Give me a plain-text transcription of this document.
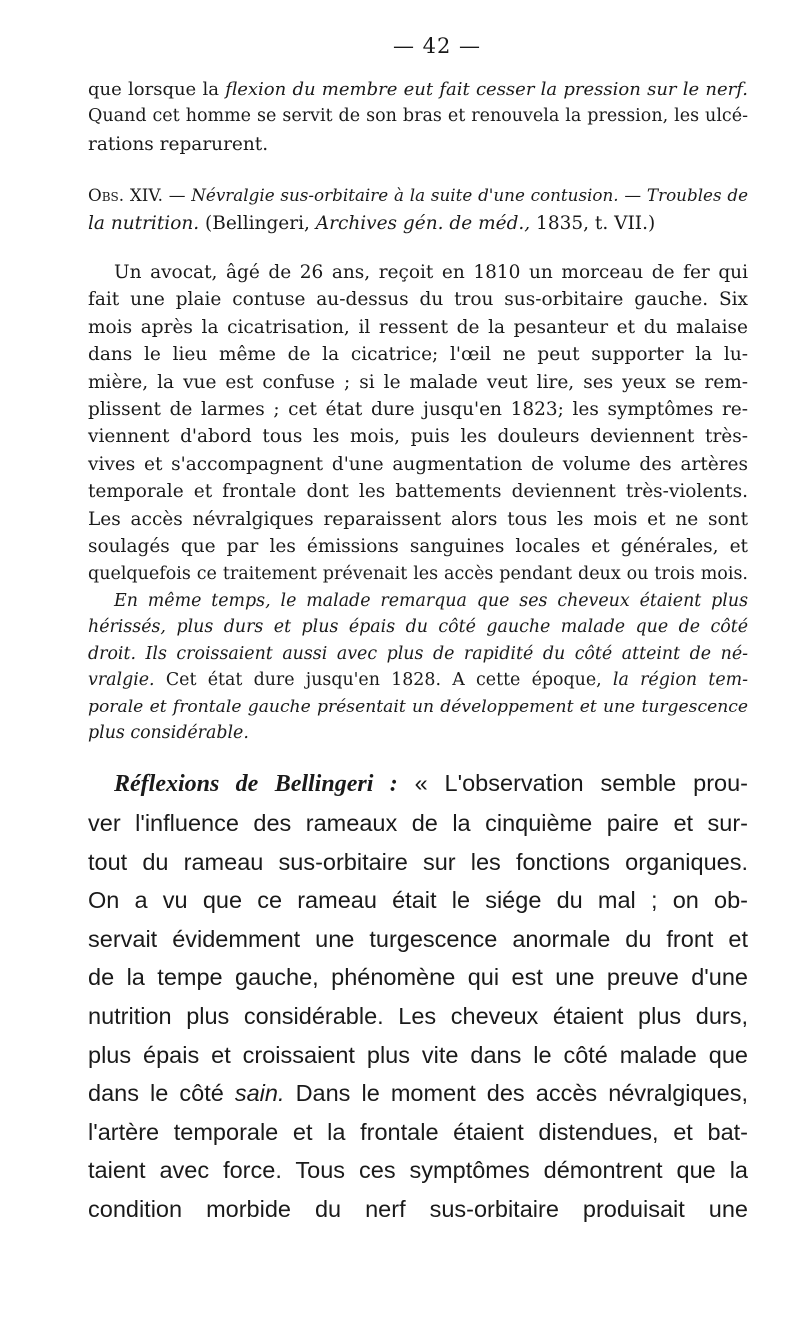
— 42 —
que lorsque la flexion du membre eut fait cesser la pression sur le nerf.
Quand cet homme se servit de son bras et renouvela la pression, les ulcé-
rations reparurent.
Obs. XIV. — Névralgie sus-orbitaire à la suite d'une contusion. — Troubles de
la nutrition. (Bellingeri, Archives gén. de méd., 1835, t. VII.)
Un avocat, âgé de 26 ans, reçoit en 1810 un morceau de fer qui
fait une plaie contuse au-dessus du trou sus-orbitaire gauche. Six
mois après la cicatrisation, il ressent de la pesanteur et du malaise
dans le lieu même de la cicatrice; l'œil ne peut supporter la lu-
mière, la vue est confuse ; si le malade veut lire, ses yeux se rem-
plissent de larmes ; cet état dure jusqu'en 1823; les symptômes re-
viennent d'abord tous les mois, puis les douleurs deviennent très-
vives et s'accompagnent d'une augmentation de volume des artères
temporale et frontale dont les battements deviennent très-violents.
Les accès névralgiques reparaissent alors tous les mois et ne sont
soulagés que par les émissions sanguines locales et générales, et
quelquefois ce traitement prévenait les accès pendant deux ou trois mois.
En même temps, le malade remarqua que ses cheveux étaient plus
hérissés, plus durs et plus épais du côté gauche malade que de côté
droit. Ils croissaient aussi avec plus de rapidité du côté atteint de né-
vralgie. Cet état dure jusqu'en 1828. A cette époque, la région tem-
porale et frontale gauche présentait un développement et une turgescence
plus considérable.
Réflexions de Bellingeri : « L'observation semble prou-
ver l'influence des rameaux de la cinquième paire et sur-
tout du rameau sus-orbitaire sur les fonctions organiques.
On a vu que ce rameau était le siége du mal ; on ob-
servait évidemment une turgescence anormale du front et
de la tempe gauche, phénomène qui est une preuve d'une
nutrition plus considérable. Les cheveux étaient plus durs,
plus épais et croissaient plus vite dans le côté malade que
dans le côté sain. Dans le moment des accès névralgiques,
l'artère temporale et la frontale étaient distendues, et bat-
taient avec force. Tous ces symptômes démontrent que la
condition morbide du nerf sus-orbitaire produisait une
